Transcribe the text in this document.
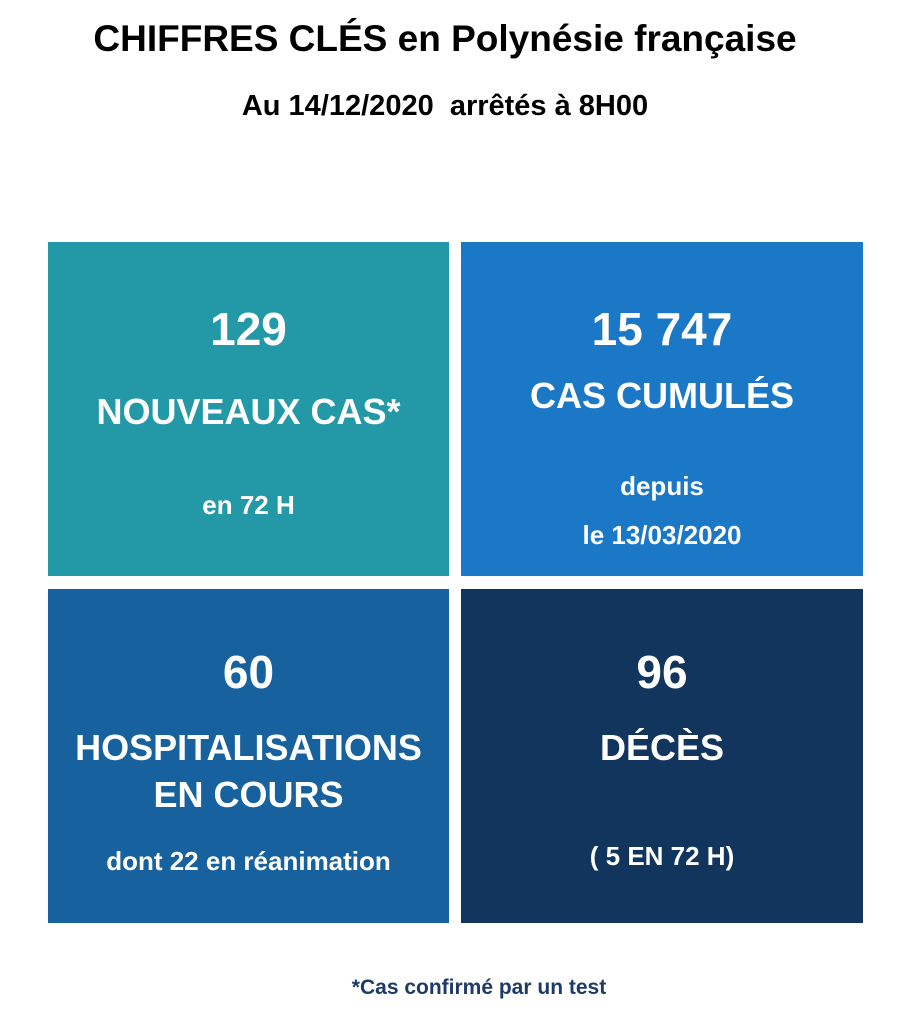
CHIFFRES CLÉS en Polynésie française
Au 14/12/2020  arrêtés à 8H00
129
NOUVEAUX CAS*
en 72 H
15 747
CAS CUMULÉS
depuis
le 13/03/2020
60
HOSPITALISATIONS
EN COURS
dont 22 en réanimation
96
DÉCÈS
( 5 EN 72 H)
*Cas confirmé par un test
